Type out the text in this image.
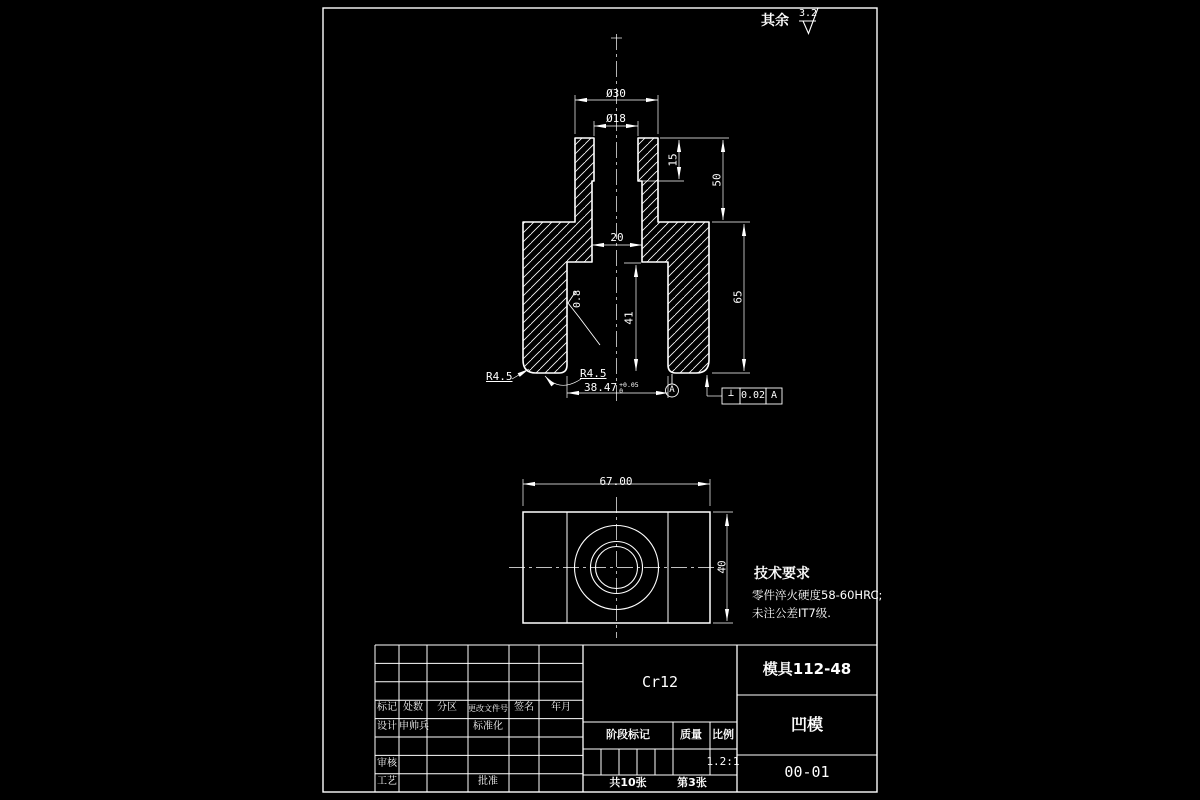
其余 3.2
Ø30
Ø18
15
50
20
41
65
38.47 +0.05
0
R4.5	R4.5
0.8
A	⊥ 0.02 A
67.00
40 技术要求
零件淬火硬度58-60HRC;
未注公差IT7级.
Cr12
模具112-48
凹模
00-01
阶段标记	质量 比例
1.2:1
共10张	第3张
标记 处数 分区 更改文件号 签名 年月
设计 申帅兵	标准化
审核
工艺	批准
